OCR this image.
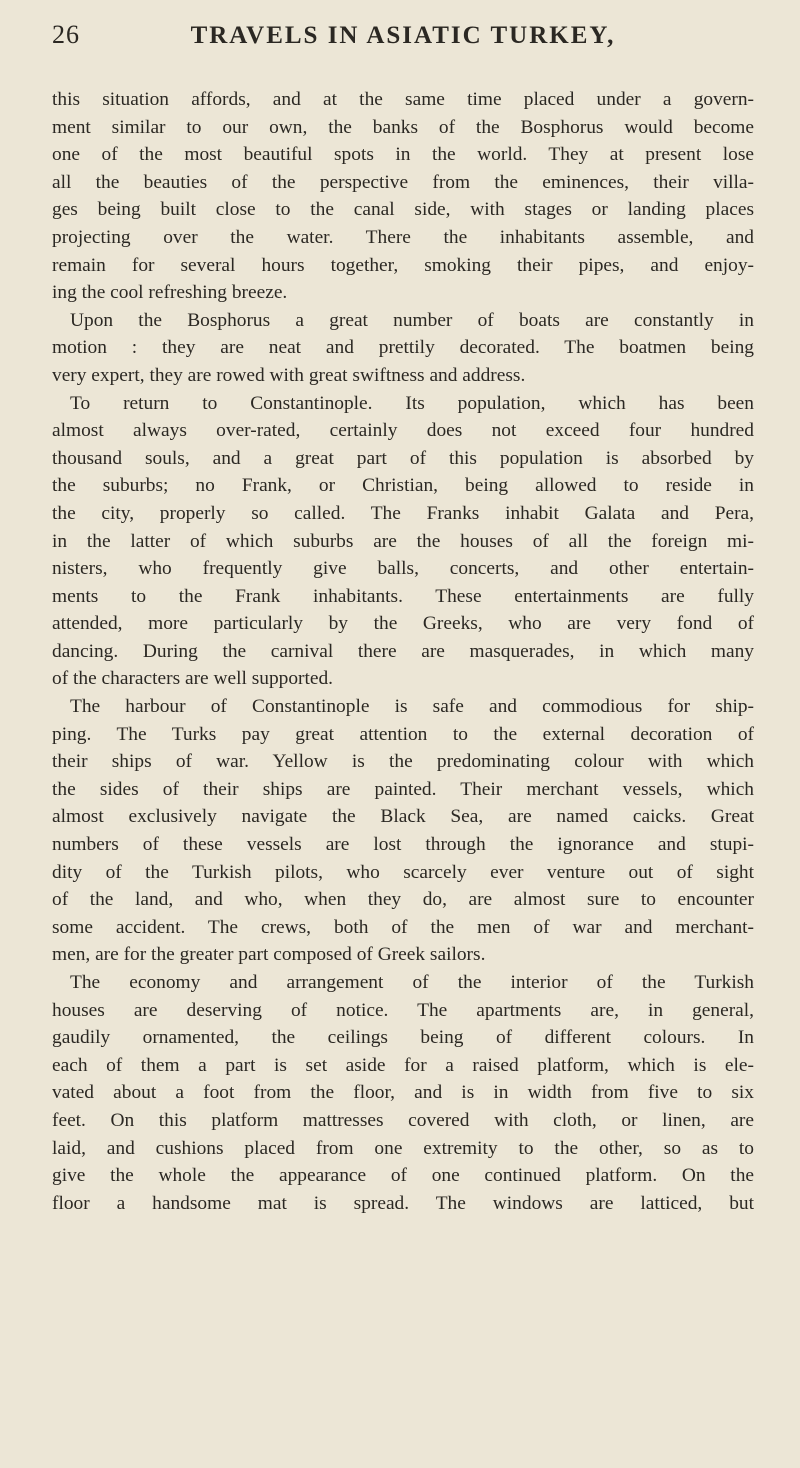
26	TRAVELS IN ASIATIC TURKEY,
this situation affords, and at the same time placed under a govern-
ment similar to our own, the banks of the Bosphorus would become
one of the most beautiful spots in the world. They at present lose
all the beauties of the perspective from the eminences, their villa-
ges being built close to the canal side, with stages or landing places
projecting over the water. There the inhabitants assemble, and
remain for several hours together, smoking their pipes, and enjoy-
ing the cool refreshing breeze.
Upon the Bosphorus a great number of boats are constantly in
motion : they are neat and prettily decorated. The boatmen being
very expert, they are rowed with great swiftness and address.
To return to Constantinople. Its population, which has been
almost always over-rated, certainly does not exceed four hundred
thousand souls, and a great part of this population is absorbed by
the suburbs; no Frank, or Christian, being allowed to reside in
the city, properly so called. The Franks inhabit Galata and Pera,
in the latter of which suburbs are the houses of all the foreign mi-
nisters, who frequently give balls, concerts, and other entertain-
ments to the Frank inhabitants. These entertainments are fully
attended, more particularly by the Greeks, who are very fond of
dancing. During the carnival there are masquerades, in which many
of the characters are well supported.
The harbour of Constantinople is safe and commodious for ship-
ping. The Turks pay great attention to the external decoration of
their ships of war. Yellow is the predominating colour with which
the sides of their ships are painted. Their merchant vessels, which
almost exclusively navigate the Black Sea, are named caicks. Great
numbers of these vessels are lost through the ignorance and stupi-
dity of the Turkish pilots, who scarcely ever venture out of sight
of the land, and who, when they do, are almost sure to encounter
some accident. The crews, both of the men of war and merchant-
men, are for the greater part composed of Greek sailors.
The economy and arrangement of the interior of the Turkish
houses are deserving of notice. The apartments are, in general,
gaudily ornamented, the ceilings being of different colours. In
each of them a part is set aside for a raised platform, which is ele-
vated about a foot from the floor, and is in width from five to six
feet. On this platform mattresses covered with cloth, or linen, are
laid, and cushions placed from one extremity to the other, so as to
give the whole the appearance of one continued platform. On the
floor a handsome mat is spread. The windows are latticed, but
